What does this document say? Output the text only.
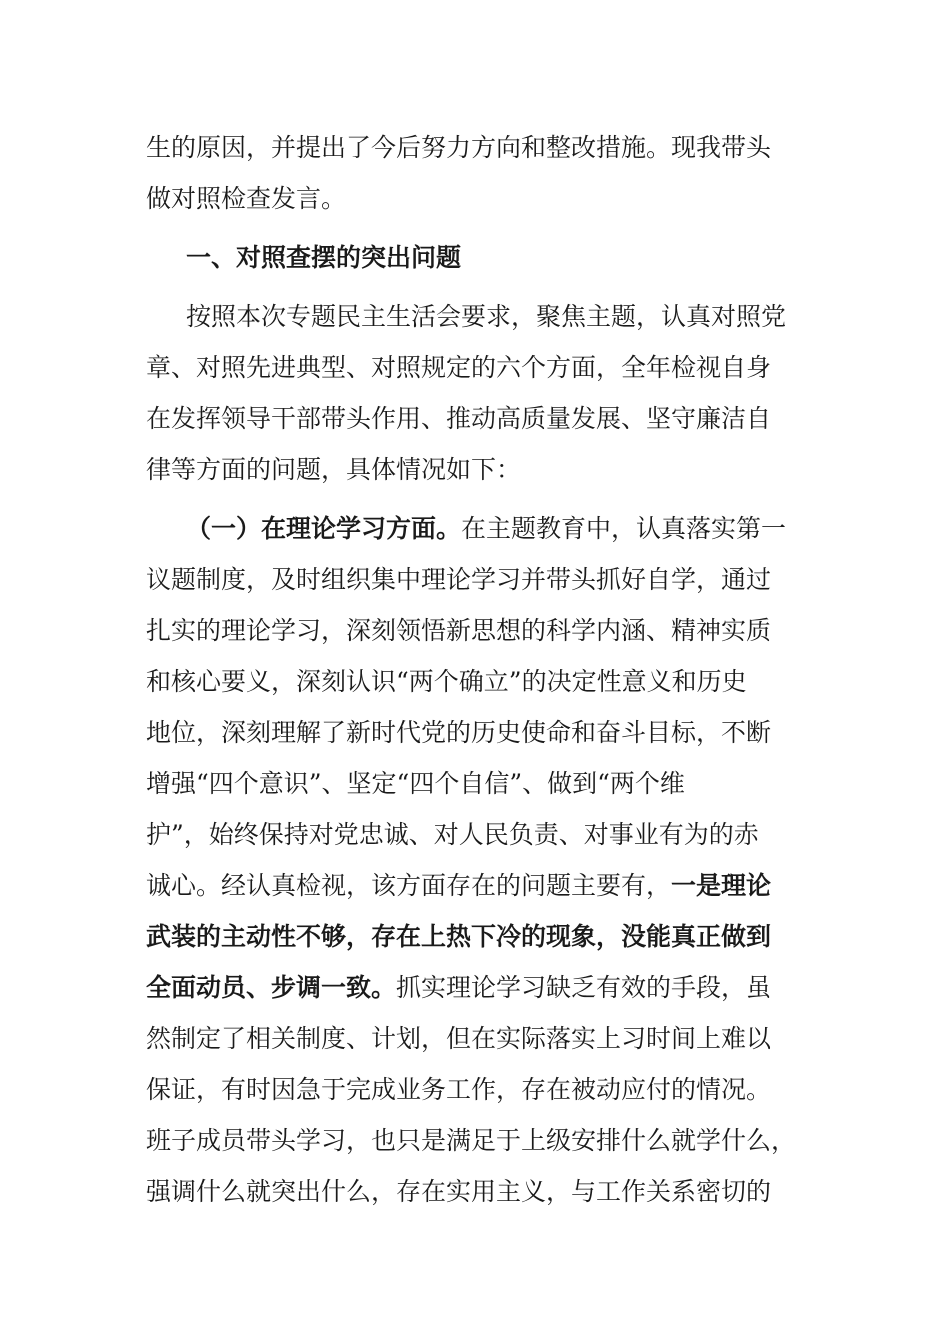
生的原因，并提出了今后努力方向和整改措施。现我带头
做对照检查发言。
一、对照查摆的突出问题
按照本次专题民主生活会要求，聚焦主题，认真对照党
章、对照先进典型、对照规定的六个方面，全年检视自身
在发挥领导干部带头作用、推动高质量发展、坚守廉洁自
律等方面的问题，具体情况如下：
（一）在理论学习方面。在主题教育中，认真落实第一
议题制度，及时组织集中理论学习并带头抓好自学，通过
扎实的理论学习，深刻领悟新思想的科学内涵、精神实质
和核心要义，深刻认识“两个确立”的决定性意义和历史
地位，深刻理解了新时代党的历史使命和奋斗目标，不断
增强“四个意识”、坚定“四个自信”、做到“两个维
护”，始终保持对党忠诚、对人民负责、对事业有为的赤
诚心。经认真检视，该方面存在的问题主要有，一是理论
武装的主动性不够，存在上热下冷的现象，没能真正做到
全面动员、步调一致。抓实理论学习缺乏有效的手段，虽
然制定了相关制度、计划，但在实际落实上习时间上难以
保证，有时因急于完成业务工作，存在被动应付的情况。
班子成员带头学习，也只是满足于上级安排什么就学什么，
强调什么就突出什么，存在实用主义，与工作关系密切的
